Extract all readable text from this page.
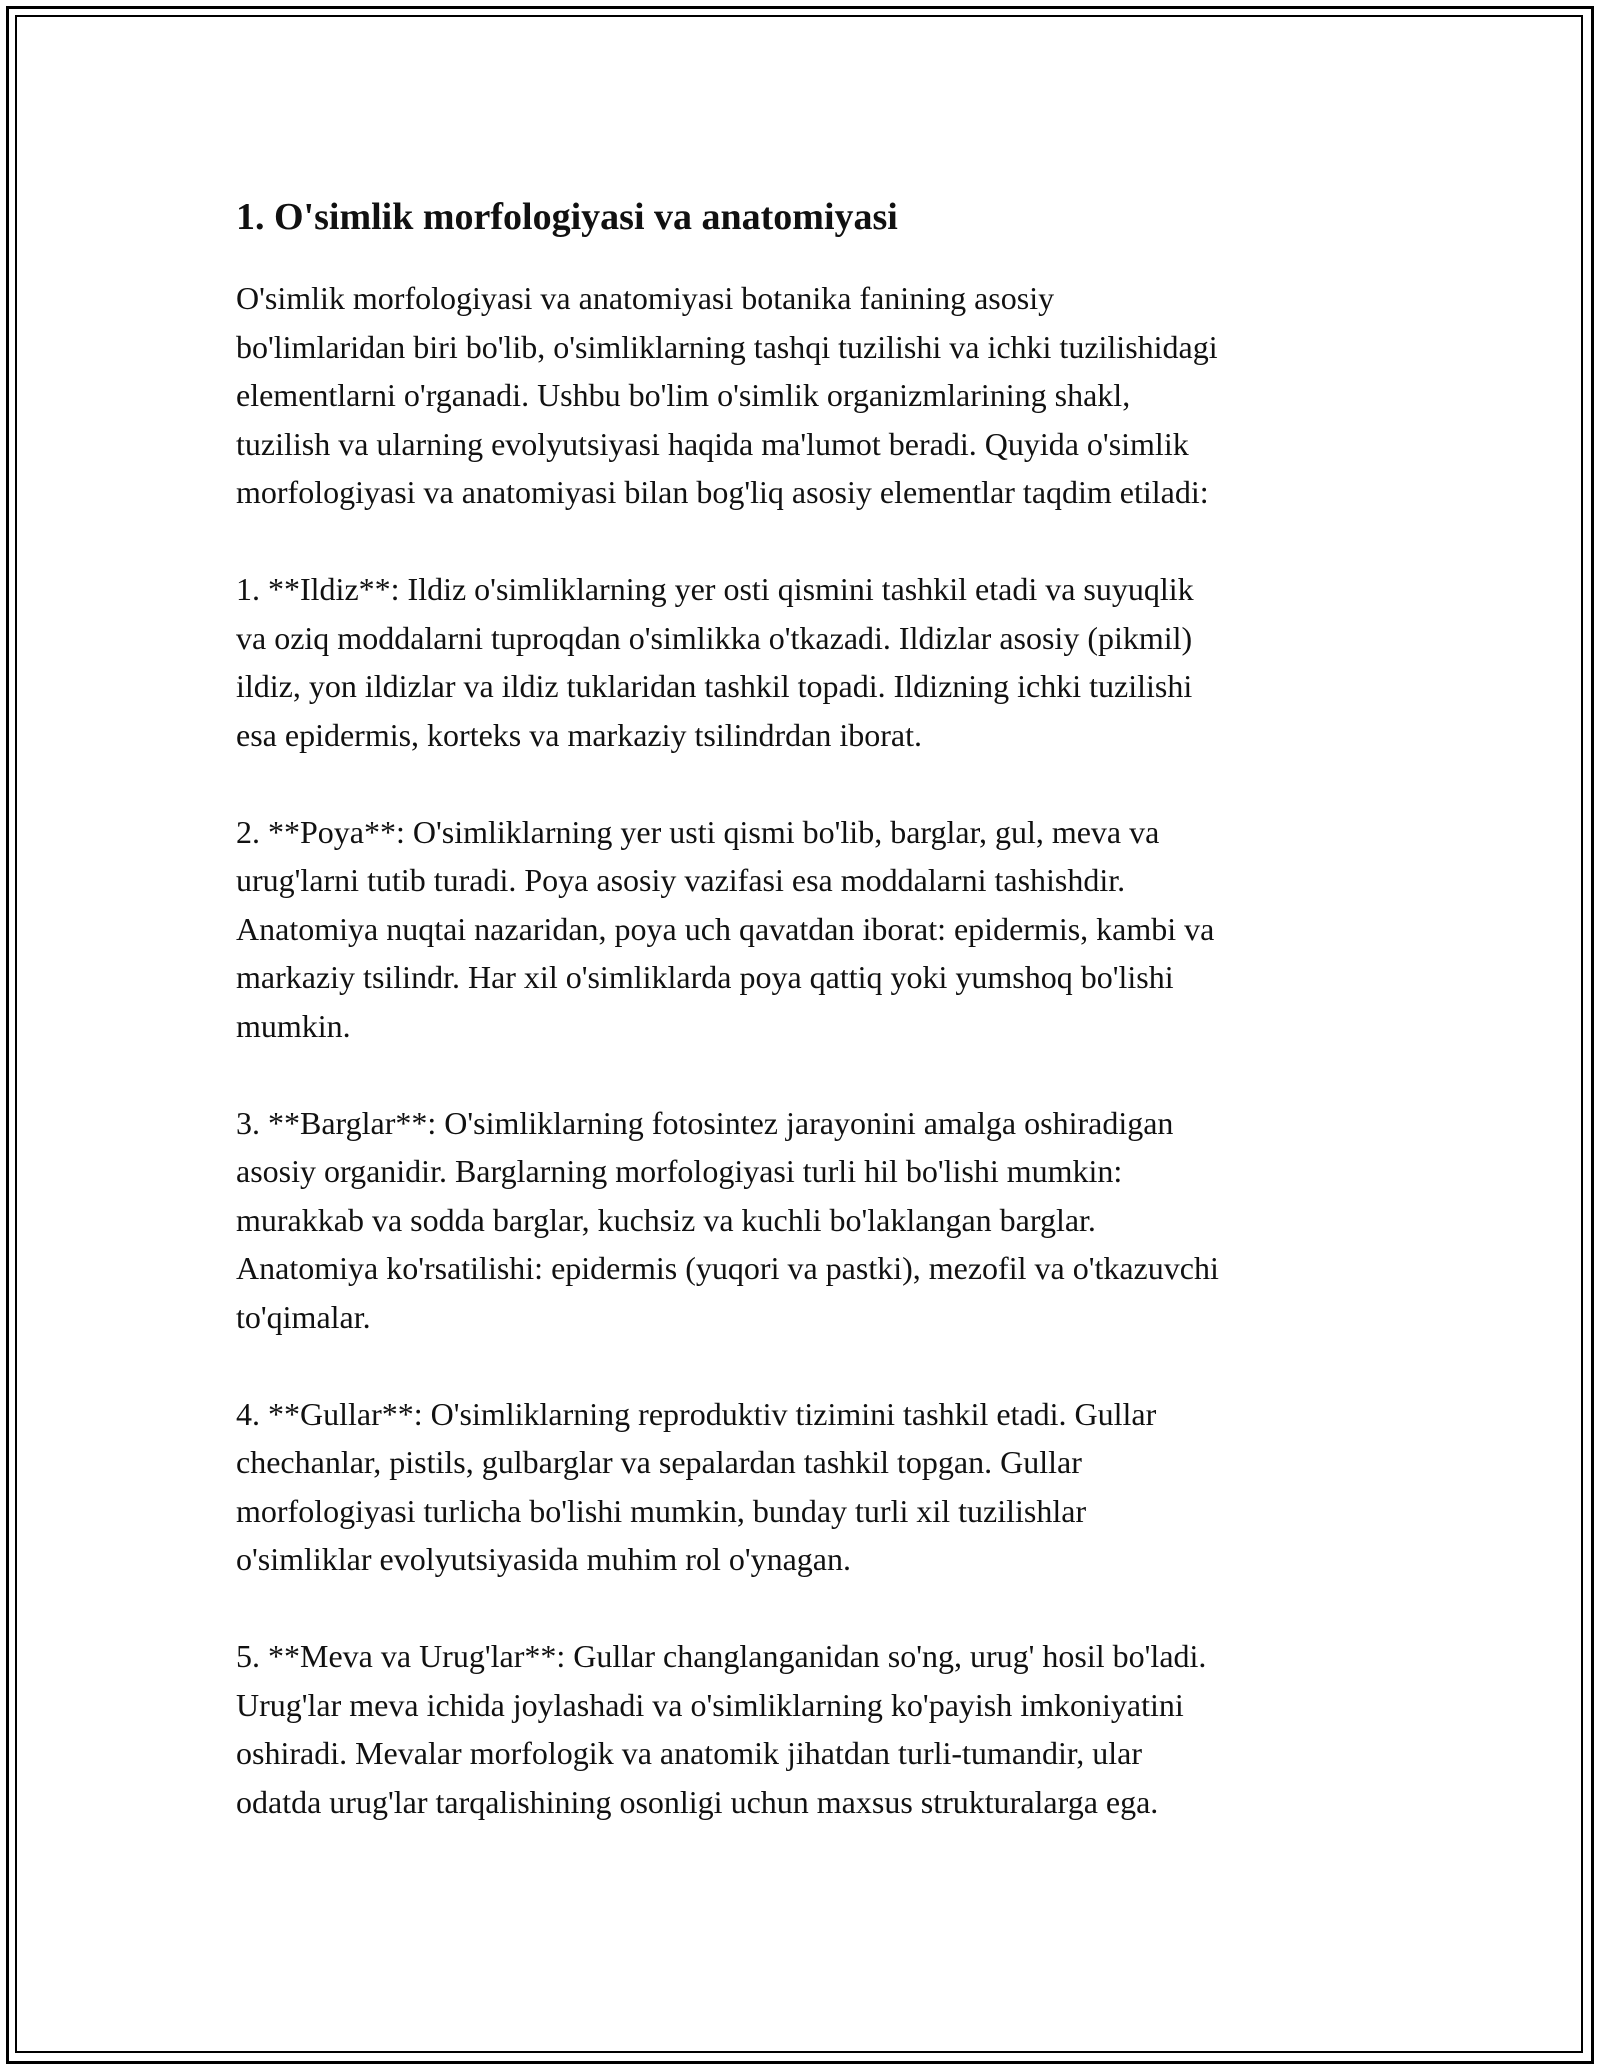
1. O'simlik morfologiyasi va anatomiyasi

O'simlik morfologiyasi va anatomiyasi botanika fanining asosiy
bo'limlaridan biri bo'lib, o'simliklarning tashqi tuzilishi va ichki tuzilishidagi
elementlarni o'rganadi. Ushbu bo'lim o'simlik organizmlarining shakl,
tuzilish va ularning evolyutsiyasi haqida ma'lumot beradi. Quyida o'simlik
morfologiyasi va anatomiyasi bilan bog'liq asosiy elementlar taqdim etiladi:

1. **Ildiz**: Ildiz o'simliklarning yer osti qismini tashkil etadi va suyuqlik
va oziq moddalarni tuproqdan o'simlikka o'tkazadi. Ildizlar asosiy (pikmil)
ildiz, yon ildizlar va ildiz tuklaridan tashkil topadi. Ildizning ichki tuzilishi
esa epidermis, korteks va markaziy tsilindrdan iborat.

2. **Poya**: O'simliklarning yer usti qismi bo'lib, barglar, gul, meva va
urug'larni tutib turadi. Poya asosiy vazifasi esa moddalarni tashishdir.
Anatomiya nuqtai nazaridan, poya uch qavatdan iborat: epidermis, kambi va
markaziy tsilindr. Har xil o'simliklarda poya qattiq yoki yumshoq bo'lishi
mumkin.

3. **Barglar**: O'simliklarning fotosintez jarayonini amalga oshiradigan
asosiy organidir. Barglarning morfologiyasi turli hil bo'lishi mumkin:
murakkab va sodda barglar, kuchsiz va kuchli bo'laklangan barglar.
Anatomiya ko'rsatilishi: epidermis (yuqori va pastki), mezofil va o'tkazuvchi
to'qimalar.

4. **Gullar**: O'simliklarning reproduktiv tizimini tashkil etadi. Gullar
chechanlar, pistils, gulbarglar va sepalardan tashkil topgan. Gullar
morfologiyasi turlicha bo'lishi mumkin, bunday turli xil tuzilishlar
o'simliklar evolyutsiyasida muhim rol o'ynagan.

5. **Meva va Urug'lar**: Gullar changlanganidan so'ng, urug' hosil bo'ladi.
Urug'lar meva ichida joylashadi va o'simliklarning ko'payish imkoniyatini
oshiradi. Mevalar morfologik va anatomik jihatdan turli-tumandir, ular
odatda urug'lar tarqalishining osonligi uchun maxsus strukturalarga ega.
